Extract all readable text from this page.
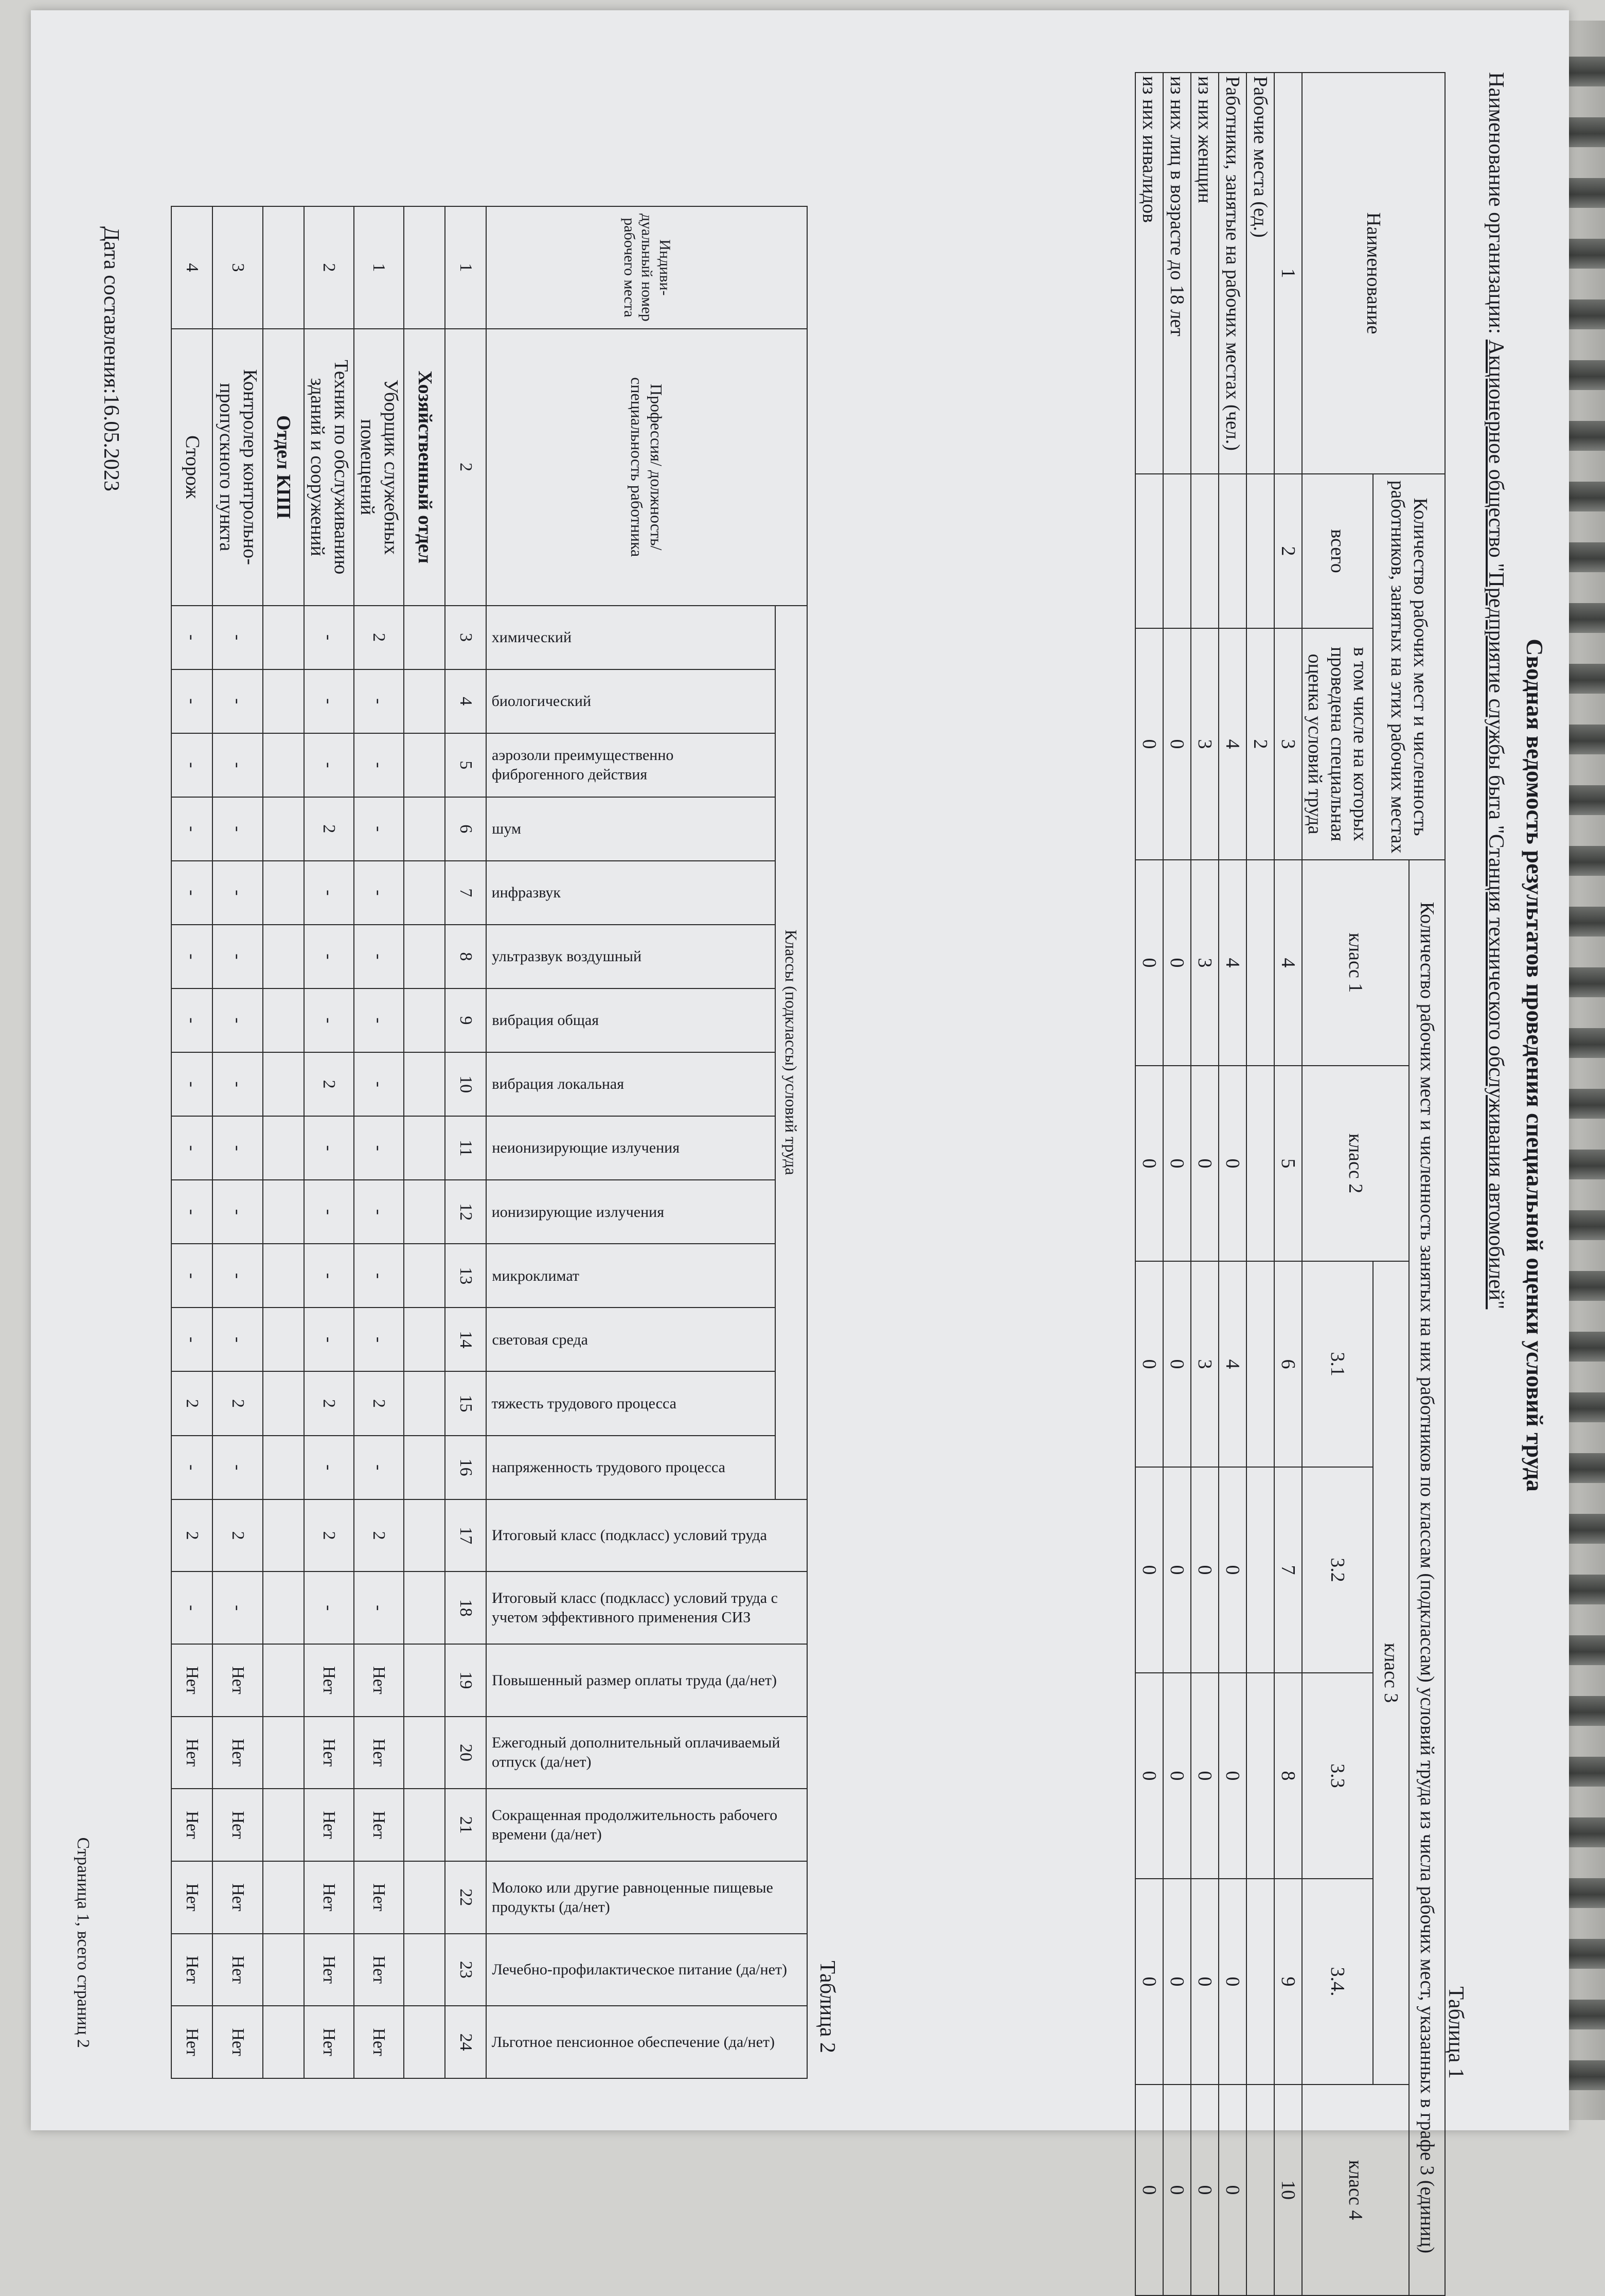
Сводная ведомость результатов проведения специальной оценки условий труда
Наименование организации: Акционерное общество "Предприятие службы быта "Станция технического обслуживания автомобилей"
Таблица 1
Наименование	Количество рабочих мест и численность работников, занятых на этих рабочих местах		Количество рабочих мест и численность занятых на них работников по классам (подклассам) условий труда из числа рабочих мест, указанных в графе 3 (единиц)						
			класс 1	класс 2	класс 3				класс 4
	всего	в том числе на которых проведена специальная оценка условий труда			3.1	3.2	3.3	3.4.	
1	2	3	4	5	6	7	8	9	10
Рабочие места (ед.)		2							
Работники, занятые на рабочих местах (чел.)		4	4	0	4	0	0	0	0
из них женщин		3	3	0	3	0	0	0	0
из них лиц в возрасте до 18 лет		0	0	0	0	0	0	0	0
из них инвалидов		0	0	0	0	0	0	0	0
Таблица 2
Индиви- дуальный номер рабочего места	Профессия/ должность/ специальность работника	Классы (подклассы) условий труда														Итоговый класс (подкласс) условий труда	Итоговый класс (подкласс) условий труда с учетом эффективного применения СИЗ	Повышенный размер оплаты труда (да/нет)	Ежегодный дополнительный оплачиваемый отпуск (да/нет)	Сокращенная продолжительность рабочего времени (да/нет)	Молоко или другие равноценные пищевые продукты (да/нет)	Лечебно-профилактическое питание (да/нет)	Льготное пенсионное обеспечение (да/нет)

		химический	биологический	аэрозоли преимущественно фиброгенного действия	шум	инфразвук	ультразвук воздушный	вибрация общая	вибрация локальная	неионизирующие излучения	ионизирующие излучения	микроклимат	световая среда	тяжесть трудового процесса	напряженность трудового процесса								

1	2	3	4	5	6	7	8	9	10	11	12	13	14	15	16	17	18	19	20	21	22	23	24
	Хозяйственный отдел																						
1	Уборщик служебных помещений	2	-	-	-	-	-	-	-	-	-	-	-	2	-	2	-	Нет	Нет	Нет	Нет	Нет	Нет
2	Техник по обслуживанию зданий и сооружений	-	-	-	2	-	-	-	2	-	-	-	-	2	-	2	-	Нет	Нет	Нет	Нет	Нет	Нет
	Отдел КПП																						
3	Контролер контрольно-пропускного пункта	-	-	-	-	-	-	-	-	-	-	-	-	2	-	2	-	Нет	Нет	Нет	Нет	Нет	Нет
4	Сторож	-	-	-	-	-	-	-	-	-	-	-	-	2	-	2	-	Нет	Нет	Нет	Нет	Нет	Нет
Дата составления:16.05.2023
Страница 1, всего страниц 2
